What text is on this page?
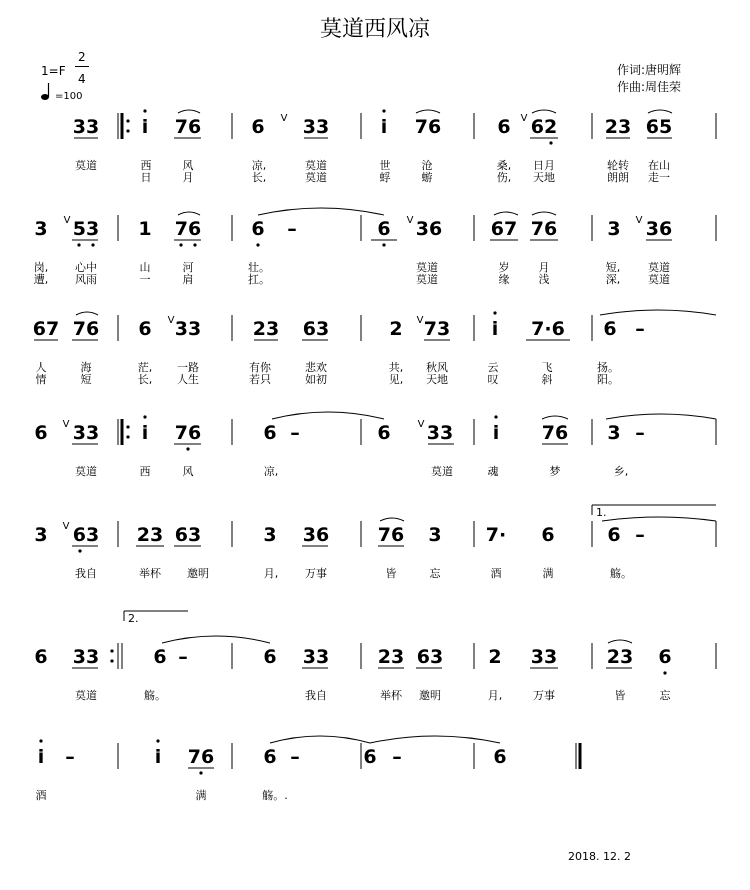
莫道西风凉
1=F
2
4
=100
作词:唐明辉
作曲:周佳荣
2018. 12. 2
33 i 76	6 33	i 76	6 62	23 65
莫道	西	风	凉,	莫道	世	沧	桑, 日月	轮转 在山
日	月	长,	莫道	蜉	蝣	伤, 天地	朗朗 走一
3 53 1 76	6 –	6 36	67 76	3 36
岗, 心中	山	河	壮。	莫道	岁	月	短,	莫道
遭, 风雨	一	肩	扛。	莫道	缘	浅	深,	莫道
67 76 6 33	23 63	2 73 i 7·6 6 –
人	海	茫, 一路	有你	悲欢	共, 秋风	云	飞	扬。
情	短	长, 人生	若只	如初	见, 天地	叹	斜	阳。
6 33 i 76	6 –	6 33 i 76 3 –
莫道	西	风	凉,	莫道	魂	梦	乡,
3 63 23 63	3 36	76 3 7· 6	6 –
我自	举杯 邀明	月, 万事	皆	忘	酒	满	觞。
6 33	6 –	6 33	23 63 2 33	23 6
莫道	觞。	我自	举杯 邀明	月,	万事	皆	忘
i –	i 76	6 –	6 –	6
酒	满	觞。.
V	V
V	V	V
V	V
V	V
V
1.
2.
